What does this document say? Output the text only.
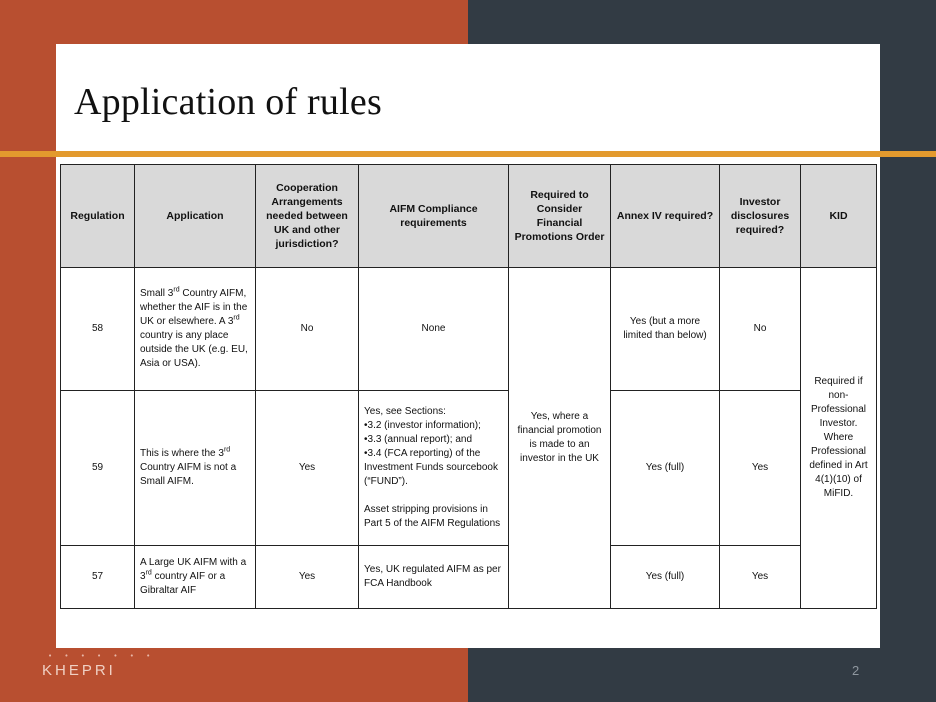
Application of rules
Regulation	Application	Cooperation Arrangements needed between UK and other jurisdiction?	AIFM Compliance requirements	Required to Consider Financial Promotions Order	Annex IV required?	Investor disclosures required?	KID
58	Small 3rd Country AIFM, whether the AIF is in the UK or elsewhere. A 3rd country is any place outside the UK (e.g. EU, Asia or USA).	No	None	Yes, where a financial promotion is made to an investor in the UK	Yes (but a more limited than below)	No	Required if non-Professional Investor. Where Professional defined in Art 4(1)(10) of MiFID.
59	This is where the 3rd Country AIFM is not a Small AIFM.	Yes	Yes, see Sections:
•3.2 (investor information);
•3.3 (annual report); and
•3.4 (FCA reporting) of the Investment Funds sourcebook (“FUND”).
Asset stripping provisions in Part 5 of the AIFM Regulations		Yes (full)	Yes	
57	A Large UK AIFM with a 3rd country AIF or a Gibraltar AIF	Yes	Yes, UK regulated AIFM as per FCA Handbook		Yes (full)	Yes	
• • • • • • •
KHEPRI	2
